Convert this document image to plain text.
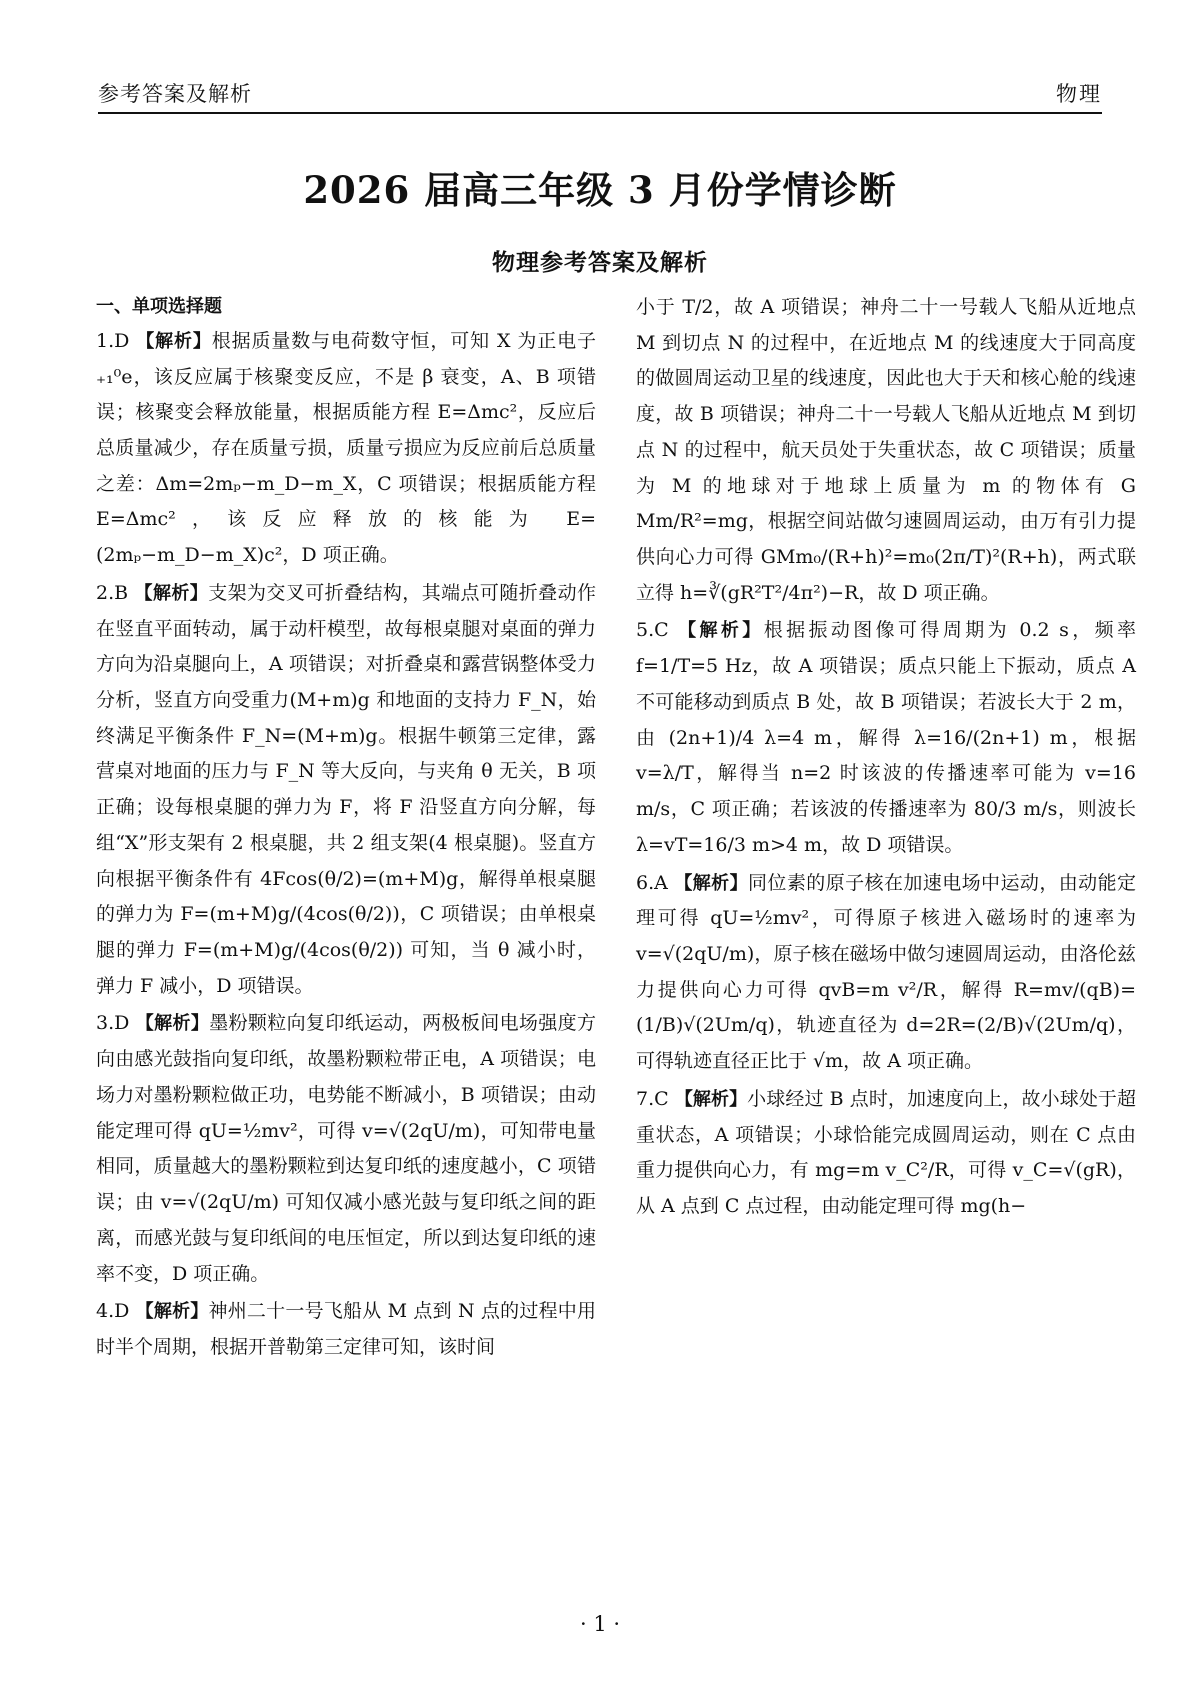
参考答案及解析	物理
2026 届高三年级 3 月份学情诊断
物理参考答案及解析
一、单项选择题

1.D 【解析】根据质量数与电荷数守恒，可知 X 为正电子 ₊₁⁰e，该反应属于核聚变反应，不是 β 衰变，A、B 项错误；核聚变会释放能量，根据质能方程 E=Δmc²，反应后总质量减少，存在质量亏损，质量亏损应为反应前后总质量之差：Δm=2mₚ−m_D−m_X，C 项错误；根据质能方程 E=Δmc²，该反应释放的核能为 E=(2mₚ−m_D−m_X)c²，D 项正确。

2.B 【解析】支架为交叉可折叠结构，其端点可随折叠动作在竖直平面转动，属于动杆模型，故每根桌腿对桌面的弹力方向为沿桌腿向上，A 项错误；对折叠桌和露营锅整体受力分析，竖直方向受重力(M+m)g 和地面的支持力 F_N，始终满足平衡条件 F_N=(M+m)g。根据牛顿第三定律，露营桌对地面的压力与 F_N 等大反向，与夹角 θ 无关，B 项正确；设每根桌腿的弹力为 F，将 F 沿竖直方向分解，每组“X”形支架有 2 根桌腿，共 2 组支架(4 根桌腿)。竖直方向根据平衡条件有 4Fcos(θ/2)=(m+M)g，解得单根桌腿的弹力为 F=(m+M)g/(4cos(θ/2))，C 项错误；由单根桌腿的弹力 F=(m+M)g/(4cos(θ/2)) 可知，当 θ 减小时，弹力 F 减小，D 项错误。

3.D 【解析】墨粉颗粒向复印纸运动，两极板间电场强度方向由感光鼓指向复印纸，故墨粉颗粒带正电，A 项错误；电场力对墨粉颗粒做正功，电势能不断减小，B 项错误；由动能定理可得 qU=½mv²，可得 v=√(2qU/m)，可知带电量相同，质量越大的墨粉颗粒到达复印纸的速度越小，C 项错误；由 v=√(2qU/m) 可知仅减小感光鼓与复印纸之间的距离，而感光鼓与复印纸间的电压恒定，所以到达复印纸的速率不变，D 项正确。

4.D 【解析】神州二十一号飞船从 M 点到 N 点的过程中用时半个周期，根据开普勒第三定律可知，该时间

小于 T/2，故 A 项错误；神舟二十一号载人飞船从近地点 M 到切点 N 的过程中，在近地点 M 的线速度大于同高度的做圆周运动卫星的线速度，因此也大于天和核心舱的线速度，故 B 项错误；神舟二十一号载人飞船从近地点 M 到切点 N 的过程中，航天员处于失重状态，故 C 项错误；质量为 M 的地球对于地球上质量为 m 的物体有 G Mm/R²=mg，根据空间站做匀速圆周运动，由万有引力提供向心力可得 GMm₀/(R+h)²=m₀(2π/T)²(R+h)，两式联立得 h=∛(gR²T²/4π²)−R，故 D 项正确。

5.C 【解析】根据振动图像可得周期为 0.2 s，频率 f=1/T=5 Hz，故 A 项错误；质点只能上下振动，质点 A 不可能移动到质点 B 处，故 B 项错误；若波长大于 2 m，由 (2n+1)/4 λ=4 m，解得 λ=16/(2n+1) m，根据 v=λ/T，解得当 n=2 时该波的传播速率可能为 v=16 m/s，C 项正确；若该波的传播速率为 80/3 m/s，则波长 λ=vT=16/3 m>4 m，故 D 项错误。

6.A 【解析】同位素的原子核在加速电场中运动，由动能定理可得 qU=½mv²，可得原子核进入磁场时的速率为 v=√(2qU/m)，原子核在磁场中做匀速圆周运动，由洛伦兹力提供向心力可得 qvB=m v²/R，解得 R=mv/(qB)=(1/B)√(2Um/q)，轨迹直径为 d=2R=(2/B)√(2Um/q)，可得轨迹直径正比于 √m，故 A 项正确。

7.C 【解析】小球经过 B 点时，加速度向上，故小球处于超重状态，A 项错误；小球恰能完成圆周运动，则在 C 点由重力提供向心力，有 mg=m v_C²/R，可得 v_C=√(gR)，从 A 点到 C 点过程，由动能定理可得 mg(h−

· 1 ·
